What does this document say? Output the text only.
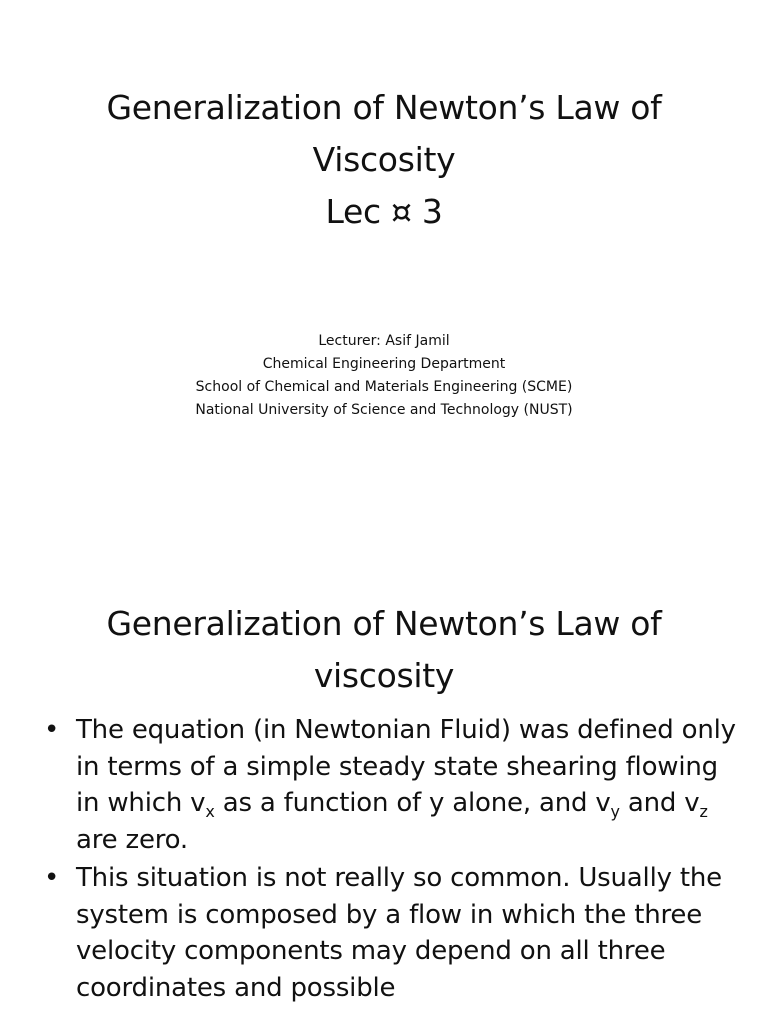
Generalization of Newton’s Law of
Viscosity
Lec ¤ 3
Lecturer: Asif Jamil
Chemical Engineering Department
School of Chemical and Materials Engineering (SCME)
National University of Science and Technology (NUST)
Generalization of Newton’s Law of
viscosity
• The equation (in Newtonian Fluid) was defined only in terms of a simple steady state shearing flowing in which $v_x$ as a function of y alone, and $v_y$ and $v_z$ are zero.
• This situation is not really so common. Usually the system is composed by a flow in which the three velocity components may depend on all three coordinates and possible
